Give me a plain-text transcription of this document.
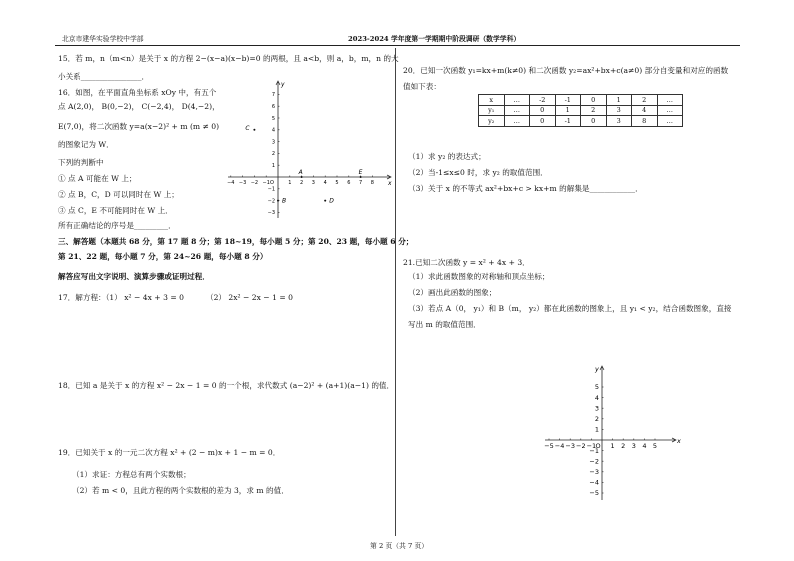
北京市建华实验学校中学部	2023-2024 学年度第一学期期中阶段调研（数学学科）
15．若 m，n（m<n）是关于 x 的方程 2−(x−a)(x−b)=0 的两根，且 a<b，则 a，b，m，n 的大
小关系________________．
16．如图，在平面直角坐标系 xOy 中，有五个
点 A(2,0)， B(0,−2)， C(−2,4)， D(4,−2)，
E(7,0)，将二次函数 y=a(x−2)² + m (m ≠ 0)
的图象记为 W．
下列的判断中
① 点 A 可能在 W 上；
② 点 B，C，D 可以同时在 W 上；
③ 点 C，E 不可能同时在 W 上．
所有正确结论的序号是_________．
−4 −3 −2 −1 O	1 2 3 4 5 6 7 8
7
6
5
4
3
2
1
−1
−2
−3
x
y
A
B
C
D
E
三、解答题（本题共 68 分，第 17 题 8 分；第 18~19，每小题 5 分；第 20、23 题，每小题 6 分；
第 21、22 题，每小题 7 分，第 24~26 题，每小题 8 分）
解答应写出文字说明、演算步骤或证明过程．
17．解方程：（1） x² − 4x + 3 = 0	（2） 2x² − 2x − 1 = 0
18．已知 a 是关于 x 的方程 x² − 2x − 1 = 0 的一个根，求代数式 (a−2)² + (a+1)(a−1) 的值．
19．已知关于 x 的一元二次方程 x² + (2 − m)x + 1 − m = 0．
（1）求证：方程总有两个实数根；
（2）若 m < 0，且此方程的两个实数根的差为 3，求 m 的值．
20．已知一次函数 y₁=kx+m(k≠0) 和二次函数 y₂=ax²+bx+c(a≠0) 部分自变量和对应的函数
值如下表：
x	…	-2	-1	0	1	2	…
y₁	…	0	1	2	3	4	…
y₂	…	0	-1	0	3	8	…
（1）求 y₂ 的表达式；
（2）当-1≤x≤0 时，求 y₂ 的取值范围．
（3）关于 x 的不等式 ax²+bx+c > kx+m 的解集是____________．
21.已知二次函数 y = x² + 4x + 3．
（1）求此函数图象的对称轴和顶点坐标；
（2）画出此函数的图象；
（3）若点 A（0， y₁）和 B（m， y₂）都在此函数的图象上，且 y₁ < y₂，结合函数图象，直接
写出 m 的取值范围．
−5 −4 −3 −2 −1 O 1 2 3 4 5
5
4
3
2
1
−1
−2
−3
−4
−5
x
y
第 2 页（共 7 页）
